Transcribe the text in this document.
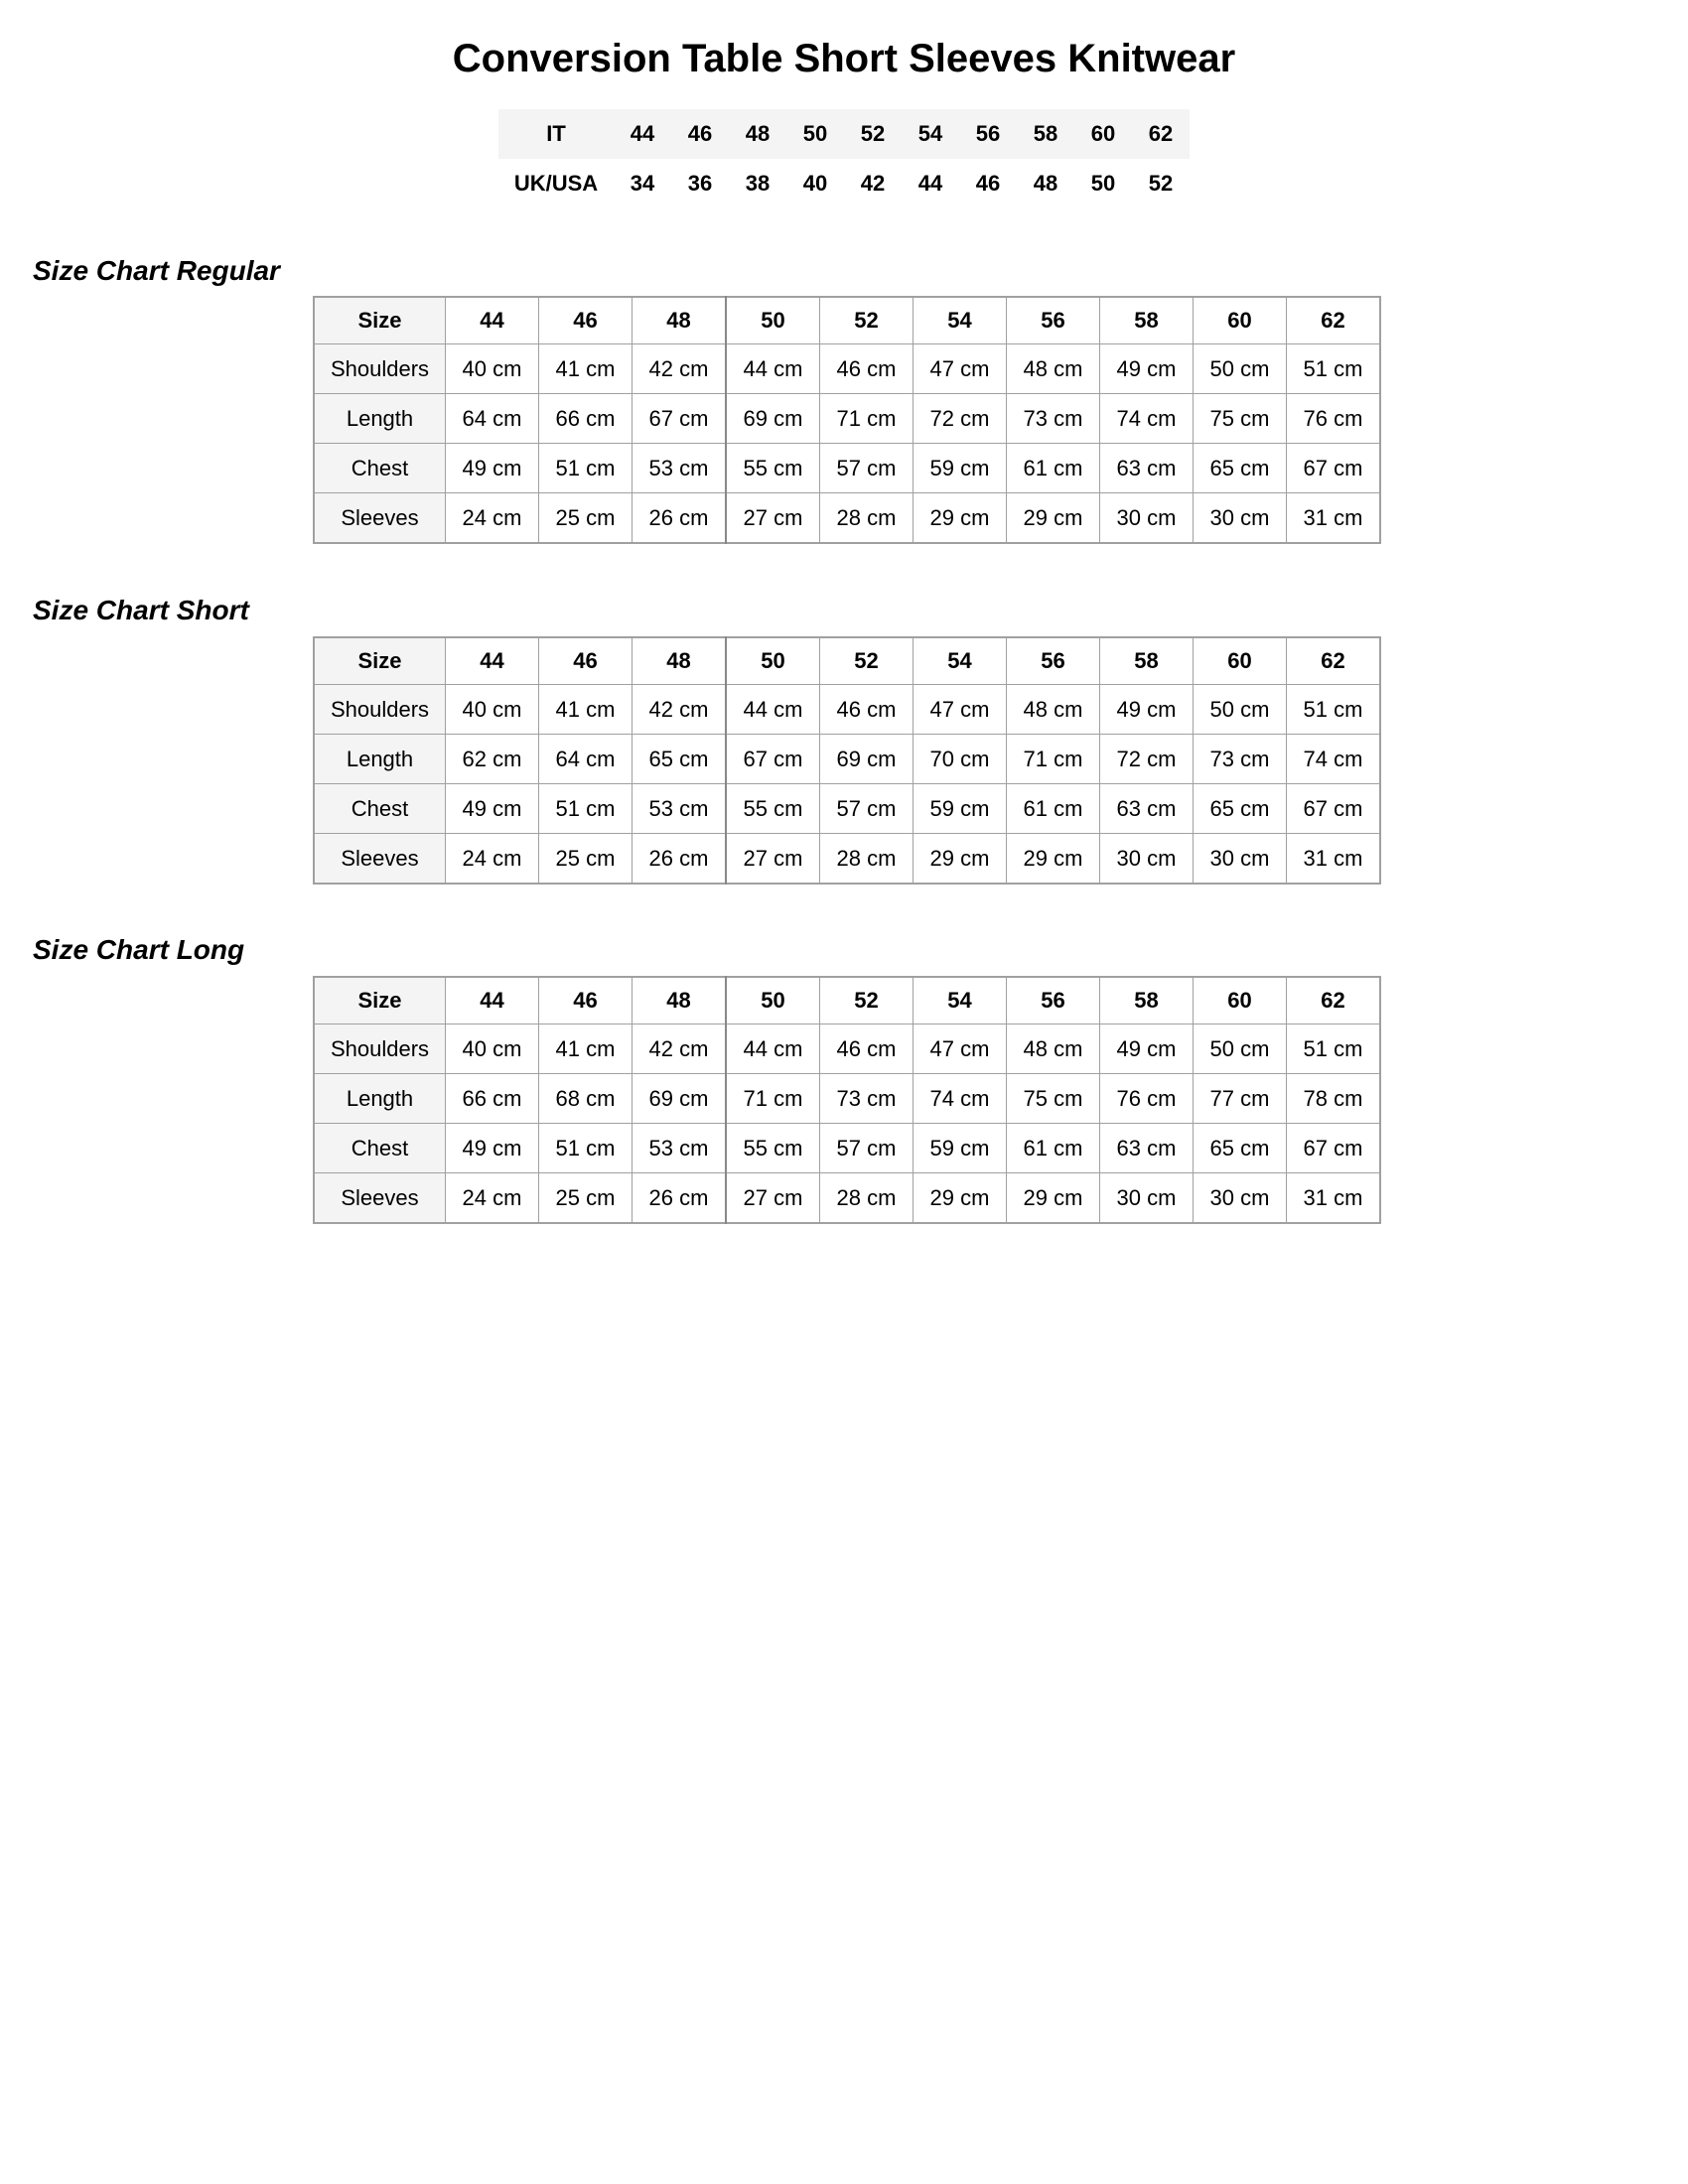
Conversion Table Short Sleeves Knitwear
IT	44	46	48	50	52	54	56	58	60	62
UK/USA	34	36	38	40	42	44	46	48	50	52
Size Chart Regular
Size	44	46	48	50	52	54	56	58	60	62
Shoulders	40 cm	41 cm	42 cm	44 cm	46 cm	47 cm	48 cm	49 cm	50 cm	51 cm
Length	64 cm	66 cm	67 cm	69 cm	71 cm	72 cm	73 cm	74 cm	75 cm	76 cm
Chest	49 cm	51 cm	53 cm	55 cm	57 cm	59 cm	61 cm	63 cm	65 cm	67 cm
Sleeves	24 cm	25 cm	26 cm	27 cm	28 cm	29 cm	29 cm	30 cm	30 cm	31 cm
Size Chart Short
Size	44	46	48	50	52	54	56	58	60	62
Shoulders	40 cm	41 cm	42 cm	44 cm	46 cm	47 cm	48 cm	49 cm	50 cm	51 cm
Length	62 cm	64 cm	65 cm	67 cm	69 cm	70 cm	71 cm	72 cm	73 cm	74 cm
Chest	49 cm	51 cm	53 cm	55 cm	57 cm	59 cm	61 cm	63 cm	65 cm	67 cm
Sleeves	24 cm	25 cm	26 cm	27 cm	28 cm	29 cm	29 cm	30 cm	30 cm	31 cm
Size Chart Long
Size	44	46	48	50	52	54	56	58	60	62
Shoulders	40 cm	41 cm	42 cm	44 cm	46 cm	47 cm	48 cm	49 cm	50 cm	51 cm
Length	66 cm	68 cm	69 cm	71 cm	73 cm	74 cm	75 cm	76 cm	77 cm	78 cm
Chest	49 cm	51 cm	53 cm	55 cm	57 cm	59 cm	61 cm	63 cm	65 cm	67 cm
Sleeves	24 cm	25 cm	26 cm	27 cm	28 cm	29 cm	29 cm	30 cm	30 cm	31 cm
